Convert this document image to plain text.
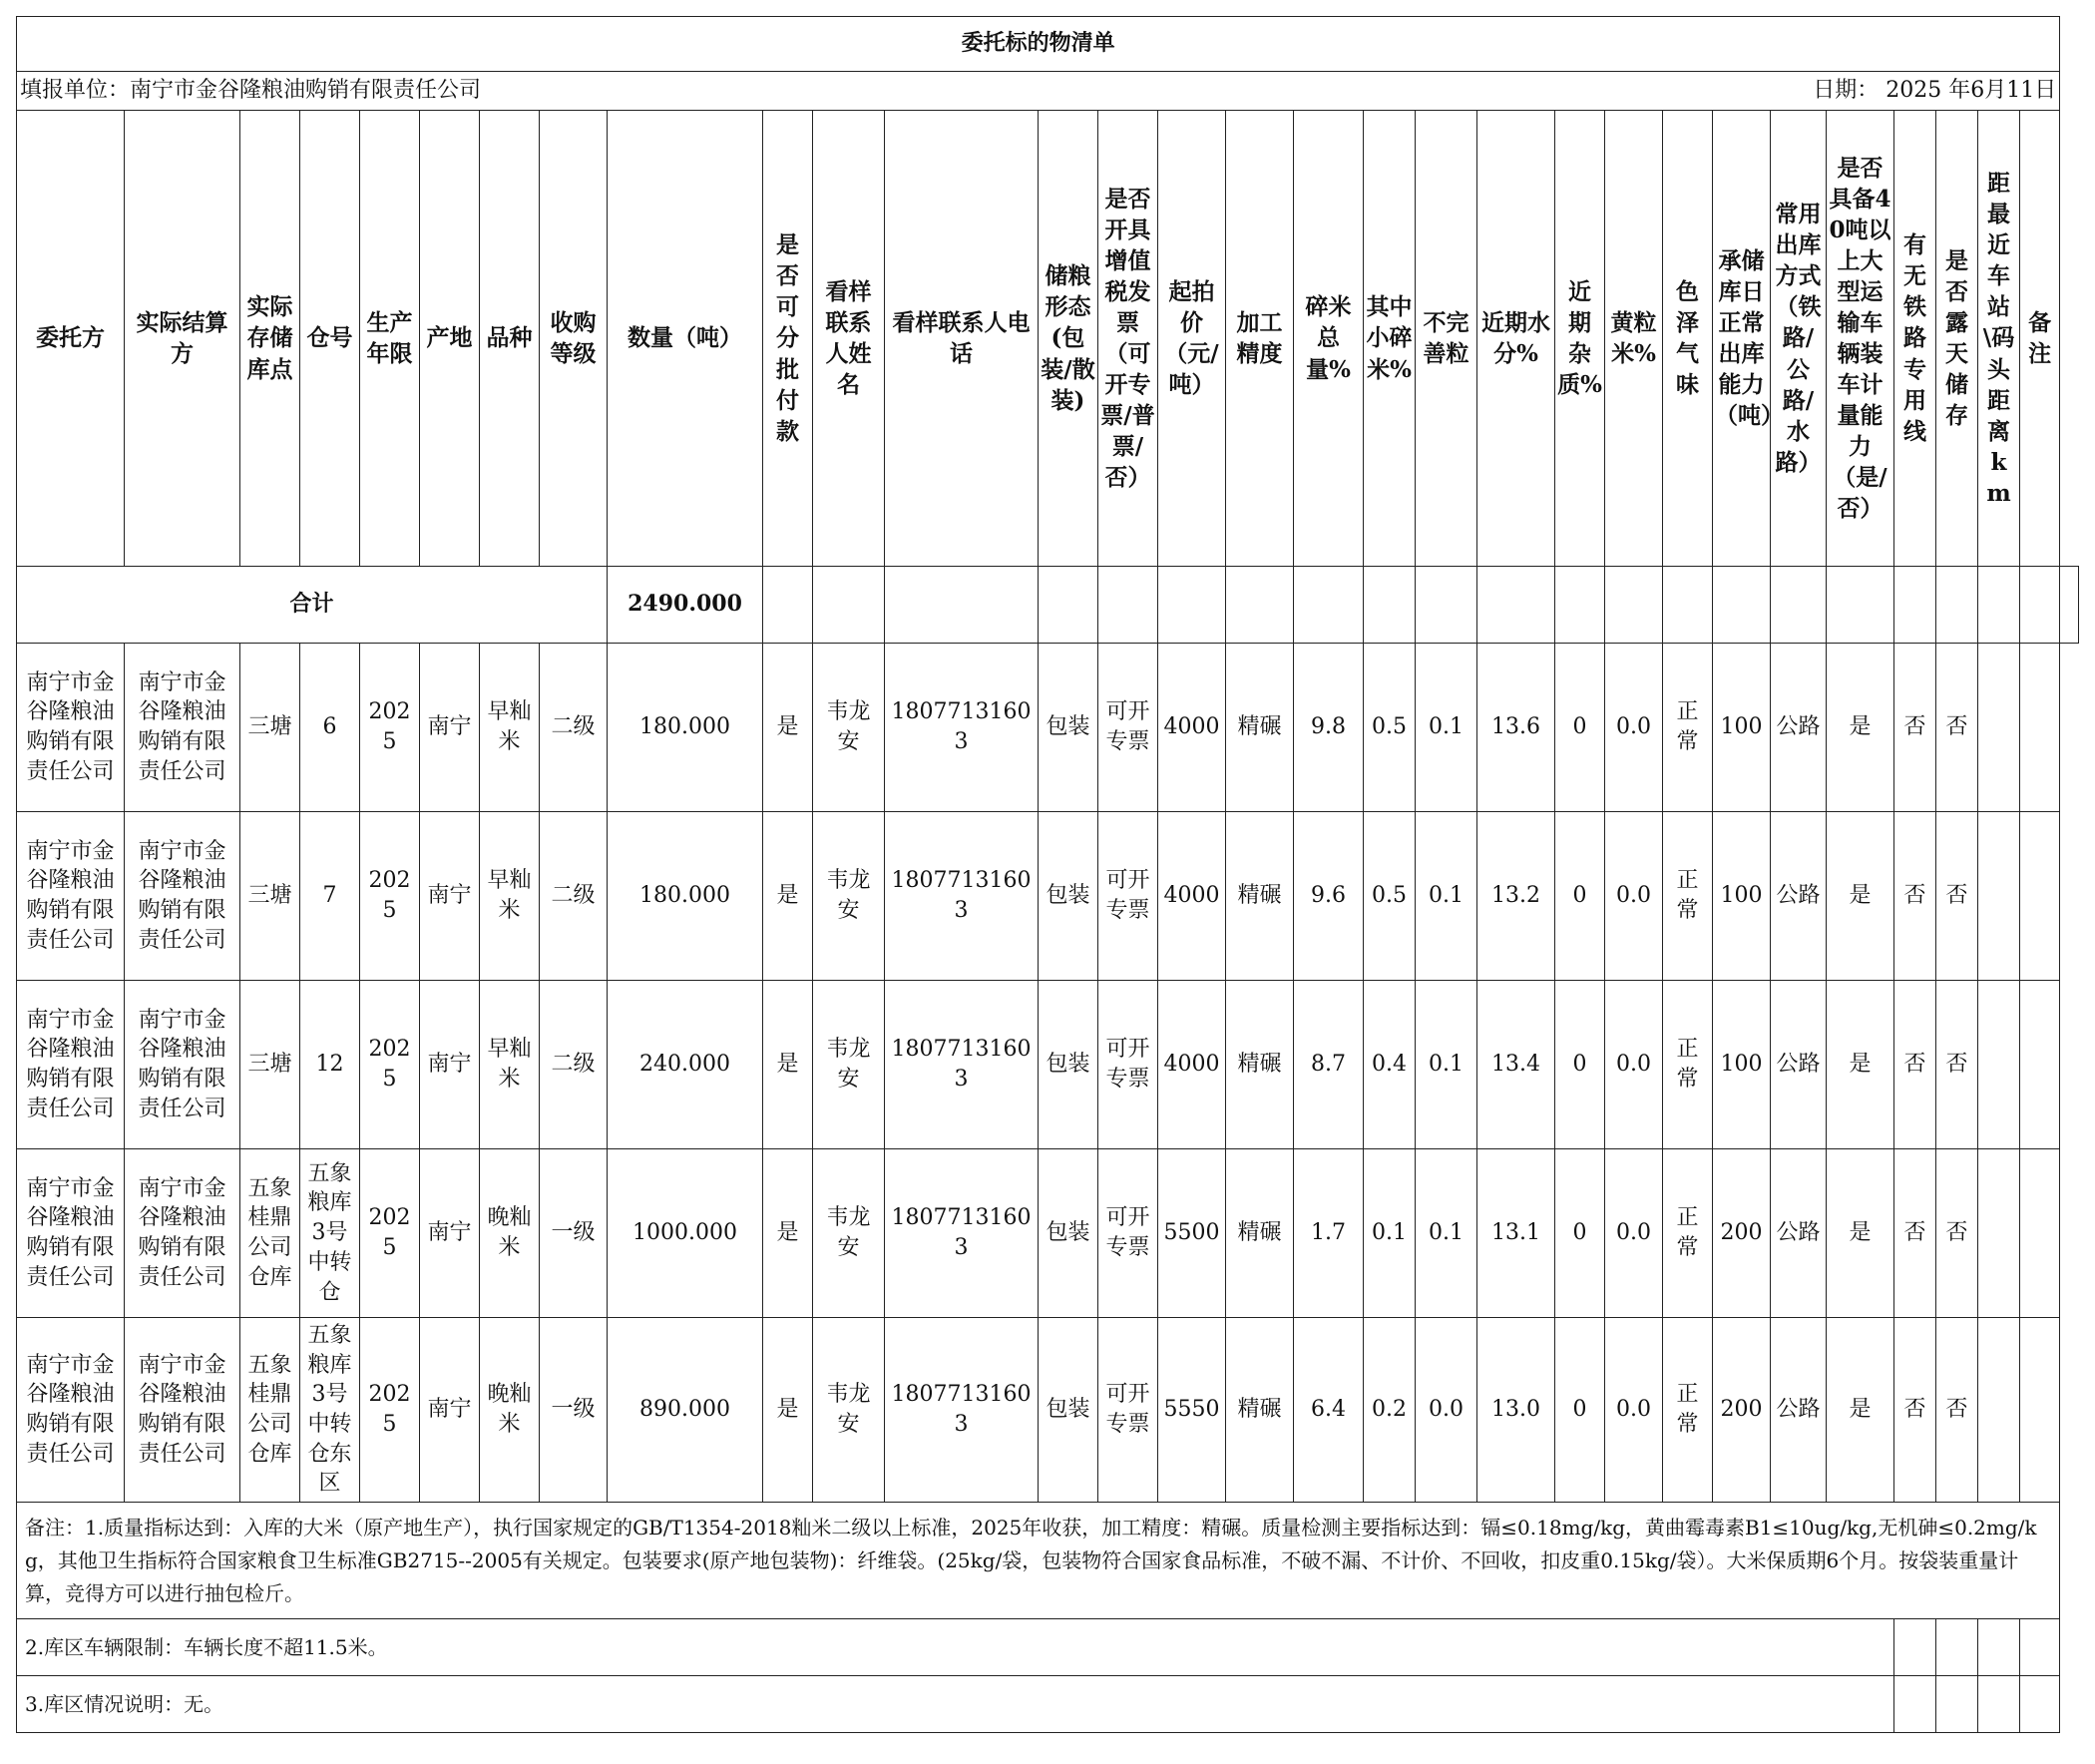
委托标的物清单																														
填报单位：南宁市金谷隆粮油购销有限责任公司																				日期： 2025 年6月11日										
委托方	实际结算方	实际存储库点	仓号	生产年限	产地	品种	收购等级	数量（吨）	是否可分批付款	看样联系人姓名	看样联系人电话	储粮形态(包装/散装)	是否开具增值税发票（可开专票/普票/否）	起拍价（元/吨）	加工精度	碎米总量%	其中小碎米%	不完善粒	近期水分%	近期杂质%	黄粒米%	色泽气味	承储库日正常出库能力（吨）	常用出库方式（铁路/公路/水路）	是否具备40吨以上大型运输车辆装车计量能力（是/否）	有无铁路专用线	是否露天储存	距最近车站\码头距离km	备注	
合计								2490.000																						
南宁市金谷隆粮油购销有限责任公司	南宁市金谷隆粮油购销有限责任公司	三塘	6	2025	南宁	早籼米	二级	180.000	是	韦龙安	18077131603	包装	可开专票	4000	精碾	9.8	0.5	0.1	13.6	0	0.0	正常	100	公路	是	否	否			
南宁市金谷隆粮油购销有限责任公司	南宁市金谷隆粮油购销有限责任公司	三塘	7	2025	南宁	早籼米	二级	180.000	是	韦龙安	18077131603	包装	可开专票	4000	精碾	9.6	0.5	0.1	13.2	0	0.0	正常	100	公路	是	否	否			
南宁市金谷隆粮油购销有限责任公司	南宁市金谷隆粮油购销有限责任公司	三塘	12	2025	南宁	早籼米	二级	240.000	是	韦龙安	18077131603	包装	可开专票	4000	精碾	8.7	0.4	0.1	13.4	0	0.0	正常	100	公路	是	否	否			
南宁市金谷隆粮油购销有限责任公司	南宁市金谷隆粮油购销有限责任公司	五象桂鼎公司仓库	五象粮库3号中转仓	2025	南宁	晚籼米	一级	1000.000	是	韦龙安	18077131603	包装	可开专票	5500	精碾	1.7	0.1	0.1	13.1	0	0.0	正常	200	公路	是	否	否			
南宁市金谷隆粮油购销有限责任公司	南宁市金谷隆粮油购销有限责任公司	五象桂鼎公司仓库	五象粮库3号中转仓东区	2025	南宁	晚籼米	一级	890.000	是	韦龙安	18077131603	包装	可开专票	5550	精碾	6.4	0.2	0.0	13.0	0	0.0	正常	200	公路	是	否	否			
备注：1.质量指标达到：入库的大米（原产地生产），执行国家规定的GB/T1354-2018籼米二级以上标准，2025年收获，加工精度：精碾。质量检测主要指标达到：镉≤0.18mg/kg，黄曲霉毒素B1≤10ug/kg,无机砷≤0.2mg/kg，其他卫生指标符合国家粮食卫生标准GB2715--2005有关规定。包装要求(原产地包装物)：纤维袋。(25kg/袋，包装物符合国家食品标准，不破不漏、不计价、不回收，扣皮重0.15kg/袋）。大米保质期6个月。按袋装重量计算，竞得方可以进行抽包检斤。																														
2.库区车辆限制：车辆长度不超11.5米。																														
3.库区情况说明：无。																														
